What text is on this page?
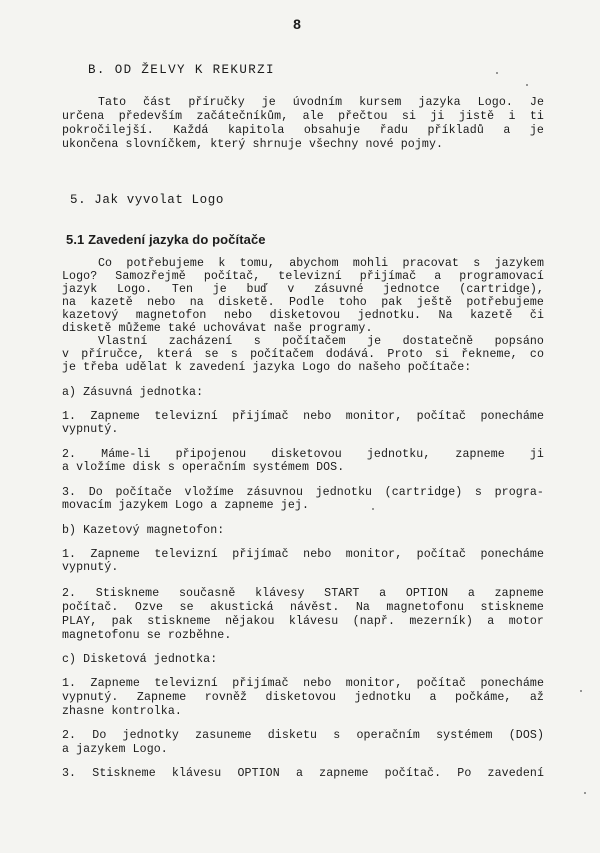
8
B. OD ŽELVY K REKURZI
Tato část příručky je úvodním kursem jazyka Logo. Je
určena především začátečníkům, ale přečtou si ji jistě i ti
pokročilejší. Každá kapitola obsahuje řadu příkladů a je
ukončena slovníčkem, který shrnuje všechny nové pojmy.
5. Jak vyvolat Logo
5.1 Zavedení jazyka do počítače
Co potřebujeme k tomu, abychom mohli pracovat s jazykem
Logo? Samozřejmě počítač, televizní přijímač a programovací
jazyk Logo. Ten je buď v zásuvné jednotce (cartridge),
na kazetě nebo na disketě. Podle toho pak ještě potřebujeme
kazetový magnetofon nebo disketovou jednotku. Na kazetě či
disketě můžeme také uchovávat naše programy.
Vlastní zacházení s počítačem je dostatečně popsáno
v příručce, která se s počítačem dodává. Proto si řekneme, co
je třeba udělat k zavedení jazyka Logo do našeho počítače:
a) Zásuvná jednotka:
1. Zapneme televizní přijímač nebo monitor, počítač ponecháme
vypnutý.
2. Máme-li připojenou disketovou jednotku, zapneme ji
a vložíme disk s operačním systémem DOS.
3. Do počítače vložíme zásuvnou jednotku (cartridge) s progra-
movacím jazykem Logo a zapneme jej.
b) Kazetový magnetofon:
1. Zapneme televizní přijímač nebo monitor, počítač ponecháme
vypnutý.
2. Stiskneme současně klávesy START a OPTION a zapneme
počítač. Ozve se akustická návěst. Na magnetofonu stiskneme
PLAY, pak stiskneme nějakou klávesu (např. mezerník) a motor
magnetofonu se rozběhne.
c) Disketová jednotka:
1. Zapneme televizní přijímač nebo monitor, počítač ponecháme
vypnutý. Zapneme rovněž disketovou jednotku a počkáme, až
zhasne kontrolka.
2. Do jednotky zasuneme disketu s operačním systémem (DOS)
a jazykem Logo.
3. Stiskneme klávesu OPTION a zapneme počítač. Po zavedení
